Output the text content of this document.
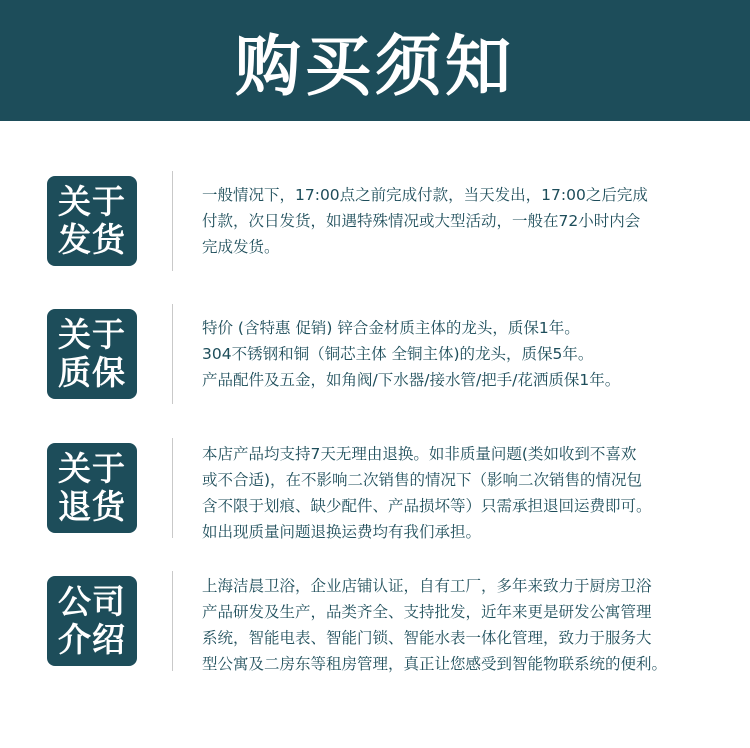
购买须知
关于
发货
一般情况下，17:00点之前完成付款，当天发出，17:00之后完成
付款，次日发货，如遇特殊情况或大型活动，一般在72小时内会
完成发货。
关于
质保
特价 (含特惠 促销) 锌合金材质主体的龙头，质保1年。
304不锈钢和铜（铜芯主体 全铜主体)的龙头，质保5年。
产品配件及五金，如角阀/下水器/接水管/把手/花洒质保1年。
关于
退货
本店产品均支持7天无理由退换。如非质量问题(类如收到不喜欢
或不合适)，在不影响二次销售的情况下（影响二次销售的情况包
含不限于划痕、缺少配件、产品损坏等）只需承担退回运费即可。
如出现质量问题退换运费均有我们承担。
公司
介绍
上海洁晨卫浴，企业店铺认证，自有工厂，多年来致力于厨房卫浴
产品研发及生产，品类齐全、支持批发，近年来更是研发公寓管理
系统，智能电表、智能门锁、智能水表一体化管理，致力于服务大
型公寓及二房东等租房管理，真正让您感受到智能物联系统的便利。
